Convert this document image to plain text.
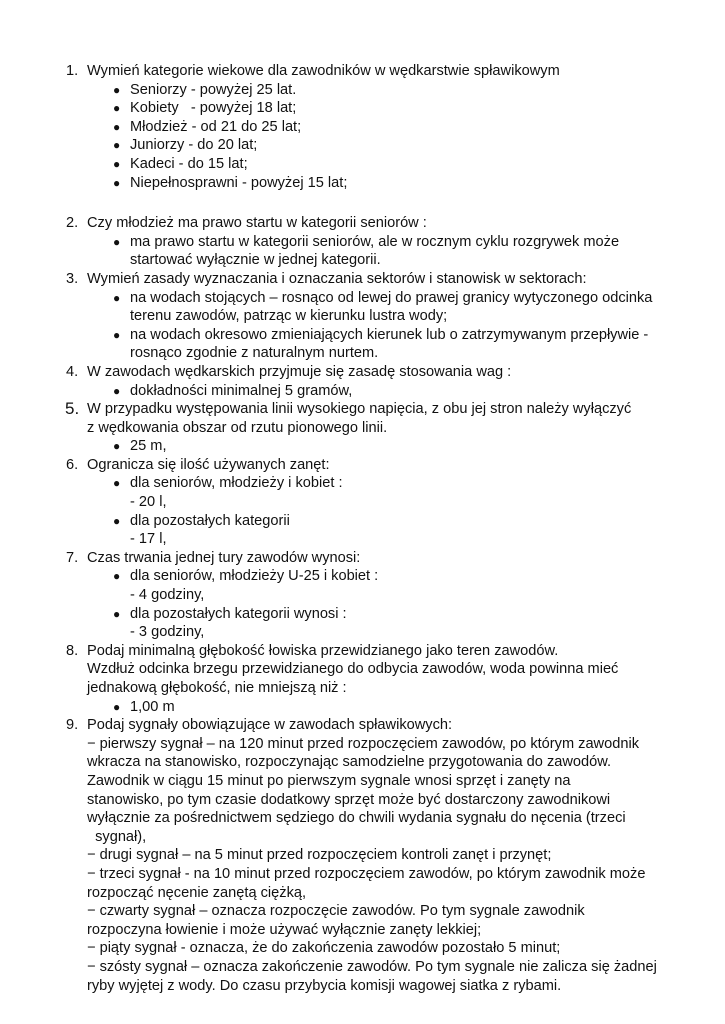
1. Wymień kategorie wiekowe dla zawodników w wędkarstwie spławikowym
● Seniorzy - powyżej 25 lat.
● Kobiety   - powyżej 18 lat;
● Młodzież - od 21 do 25 lat;
● Juniorzy - do 20 lat;
● Kadeci - do 15 lat;
● Niepełnosprawni - powyżej 15 lat;
2. Czy młodzież ma prawo startu w kategorii seniorów :
● ma prawo startu w kategorii seniorów, ale w rocznym cyklu rozgrywek może
startować wyłącznie w jednej kategorii.
3. Wymień zasady wyznaczania i oznaczania sektorów i stanowisk w sektorach:
● na wodach stojących – rosnąco od lewej do prawej granicy wytyczonego odcinka
terenu zawodów, patrząc w kierunku lustra wody;
● na wodach okresowo zmieniających kierunek lub o zatrzymywanym przepływie -
rosnąco zgodnie z naturalnym nurtem.
4. W zawodach wędkarskich przyjmuje się zasadę stosowania wag :
● dokładności minimalnej 5 gramów,
5. W przypadku występowania linii wysokiego napięcia, z obu jej stron należy wyłączyć
z wędkowania obszar od rzutu pionowego linii.
● 25 m,
6. Ogranicza się ilość używanych zanęt:
● dla seniorów, młodzieży i kobiet :
- 20 l,
● dla pozostałych kategorii
- 17 l,
7. Czas trwania jednej tury zawodów wynosi:
● dla seniorów, młodzieży U-25 i kobiet :
- 4 godziny,
● dla pozostałych kategorii wynosi :
- 3 godziny,
8. Podaj minimalną głębokość łowiska przewidzianego jako teren zawodów.
Wzdłuż odcinka brzegu przewidzianego do odbycia zawodów, woda powinna mieć
jednakową głębokość, nie mniejszą niż :
● 1,00 m
9. Podaj sygnały obowiązujące w zawodach spławikowych:
− pierwszy sygnał – na 120 minut przed rozpoczęciem zawodów, po którym zawodnik
wkracza na stanowisko, rozpoczynając samodzielne przygotowania do zawodów.
Zawodnik w ciągu 15 minut po pierwszym sygnale wnosi sprzęt i zanęty na
stanowisko, po tym czasie dodatkowy sprzęt może być dostarczony zawodnikowi
wyłącznie za pośrednictwem sędziego do chwili wydania sygnału do nęcenia (trzeci
sygnał),
− drugi sygnał – na 5 minut przed rozpoczęciem kontroli zanęt i przynęt;
− trzeci sygnał - na 10 minut przed rozpoczęciem zawodów, po którym zawodnik może
rozpocząć nęcenie zanętą ciężką,
− czwarty sygnał – oznacza rozpoczęcie zawodów. Po tym sygnale zawodnik
rozpoczyna łowienie i może używać wyłącznie zanęty lekkiej;
− piąty sygnał - oznacza, że do zakończenia zawodów pozostało 5 minut;
− szósty sygnał – oznacza zakończenie zawodów. Po tym sygnale nie zalicza się żadnej
ryby wyjętej z wody. Do czasu przybycia komisji wagowej siatka z rybami.
